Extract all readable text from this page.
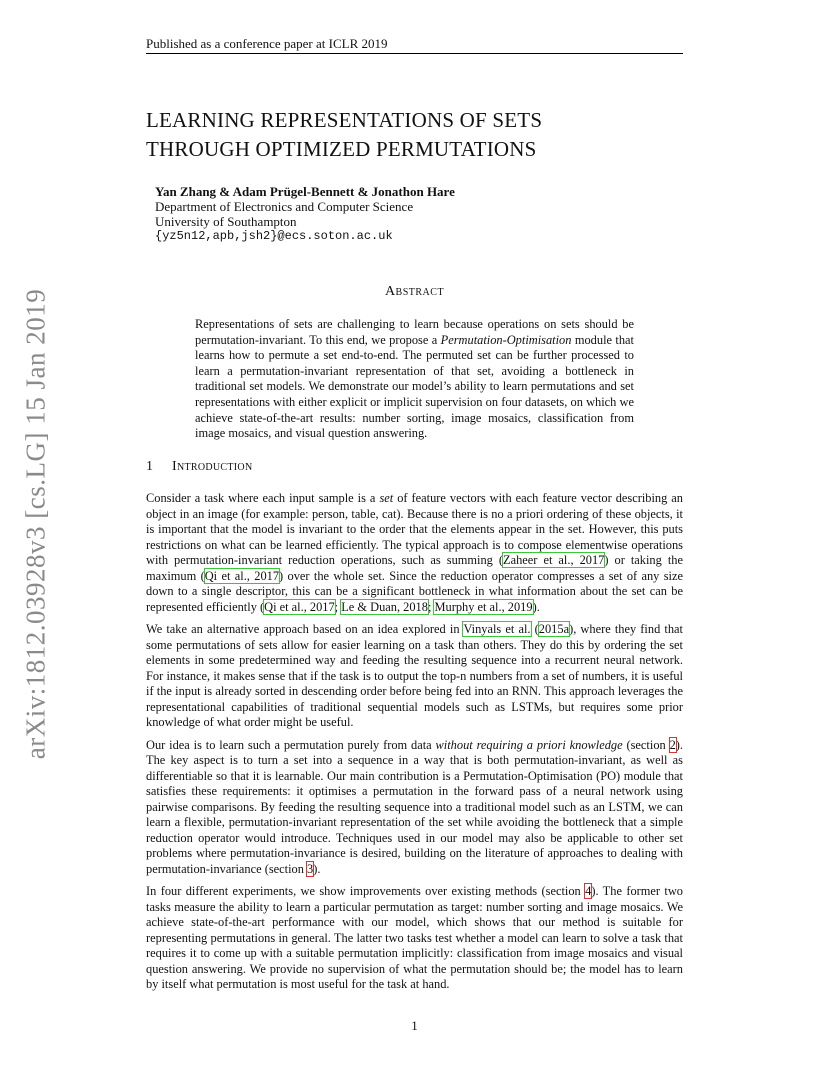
Published as a conference paper at ICLR 2019
arXiv:1812.03928v3 [cs.LG] 15 Jan 2019
LEARNING REPRESENTATIONS OF SETS
THROUGH OPTIMIZED PERMUTATIONS
Yan Zhang & Adam Prügel-Bennett & Jonathon Hare
Department of Electronics and Computer Science
University of Southampton
{yz5n12,apb,jsh2}@ecs.soton.ac.uk
Abstract
Representations of sets are challenging to learn because operations on sets should be permutation-invariant. To this end, we propose a Permutation-Optimisation module that learns how to permute a set end-to-end. The permuted set can be further processed to learn a permutation-invariant representation of that set, avoiding a bottleneck in traditional set models. We demonstrate our model’s ability to learn permutations and set representations with either explicit or implicit supervision on four datasets, on which we achieve state-of-the-art results: number sorting, image mosaics, classification from image mosaics, and visual question answering.
1 Introduction

Consider a task where each input sample is a set of feature vectors with each feature vector describing an object in an image (for example: person, table, cat). Because there is no a priori ordering of these objects, it is important that the model is invariant to the order that the elements appear in the set. However, this puts restrictions on what can be learned efficiently. The typical approach is to compose elementwise operations with permutation-invariant reduction operations, such as summing (Zaheer et al., 2017) or taking the maximum (Qi et al., 2017) over the whole set. Since the reduction operator compresses a set of any size down to a single descriptor, this can be a significant bottleneck in what information about the set can be represented efficiently (Qi et al., 2017; Le & Duan, 2018; Murphy et al., 2019).

We take an alternative approach based on an idea explored in Vinyals et al. (2015a), where they find that some permutations of sets allow for easier learning on a task than others. They do this by ordering the set elements in some predetermined way and feeding the resulting sequence into a recurrent neural network. For instance, it makes sense that if the task is to output the top-n numbers from a set of numbers, it is useful if the input is already sorted in descending order before being fed into an RNN. This approach leverages the representational capabilities of traditional sequential models such as LSTMs, but requires some prior knowledge of what order might be useful.

Our idea is to learn such a permutation purely from data without requiring a priori knowledge (section 2). The key aspect is to turn a set into a sequence in a way that is both permutation-invariant, as well as differentiable so that it is learnable. Our main contribution is a Permutation-Optimisation (PO) module that satisfies these requirements: it optimises a permutation in the forward pass of a neural network using pairwise comparisons. By feeding the resulting sequence into a traditional model such as an LSTM, we can learn a flexible, permutation-invariant representation of the set while avoiding the bottleneck that a simple reduction operator would introduce. Techniques used in our model may also be applicable to other set problems where permutation-invariance is desired, building on the literature of approaches to dealing with permutation-invariance (section 3).

In four different experiments, we show improvements over existing methods (section 4). The former two tasks measure the ability to learn a particular permutation as target: number sorting and image mosaics. We achieve state-of-the-art performance with our model, which shows that our method is suitable for representing permutations in general. The latter two tasks test whether a model can learn to solve a task that requires it to come up with a suitable permutation implicitly: classification from image mosaics and visual question answering. We provide no supervision of what the permutation should be; the model has to learn by itself what permutation is most useful for the task at hand.

1
